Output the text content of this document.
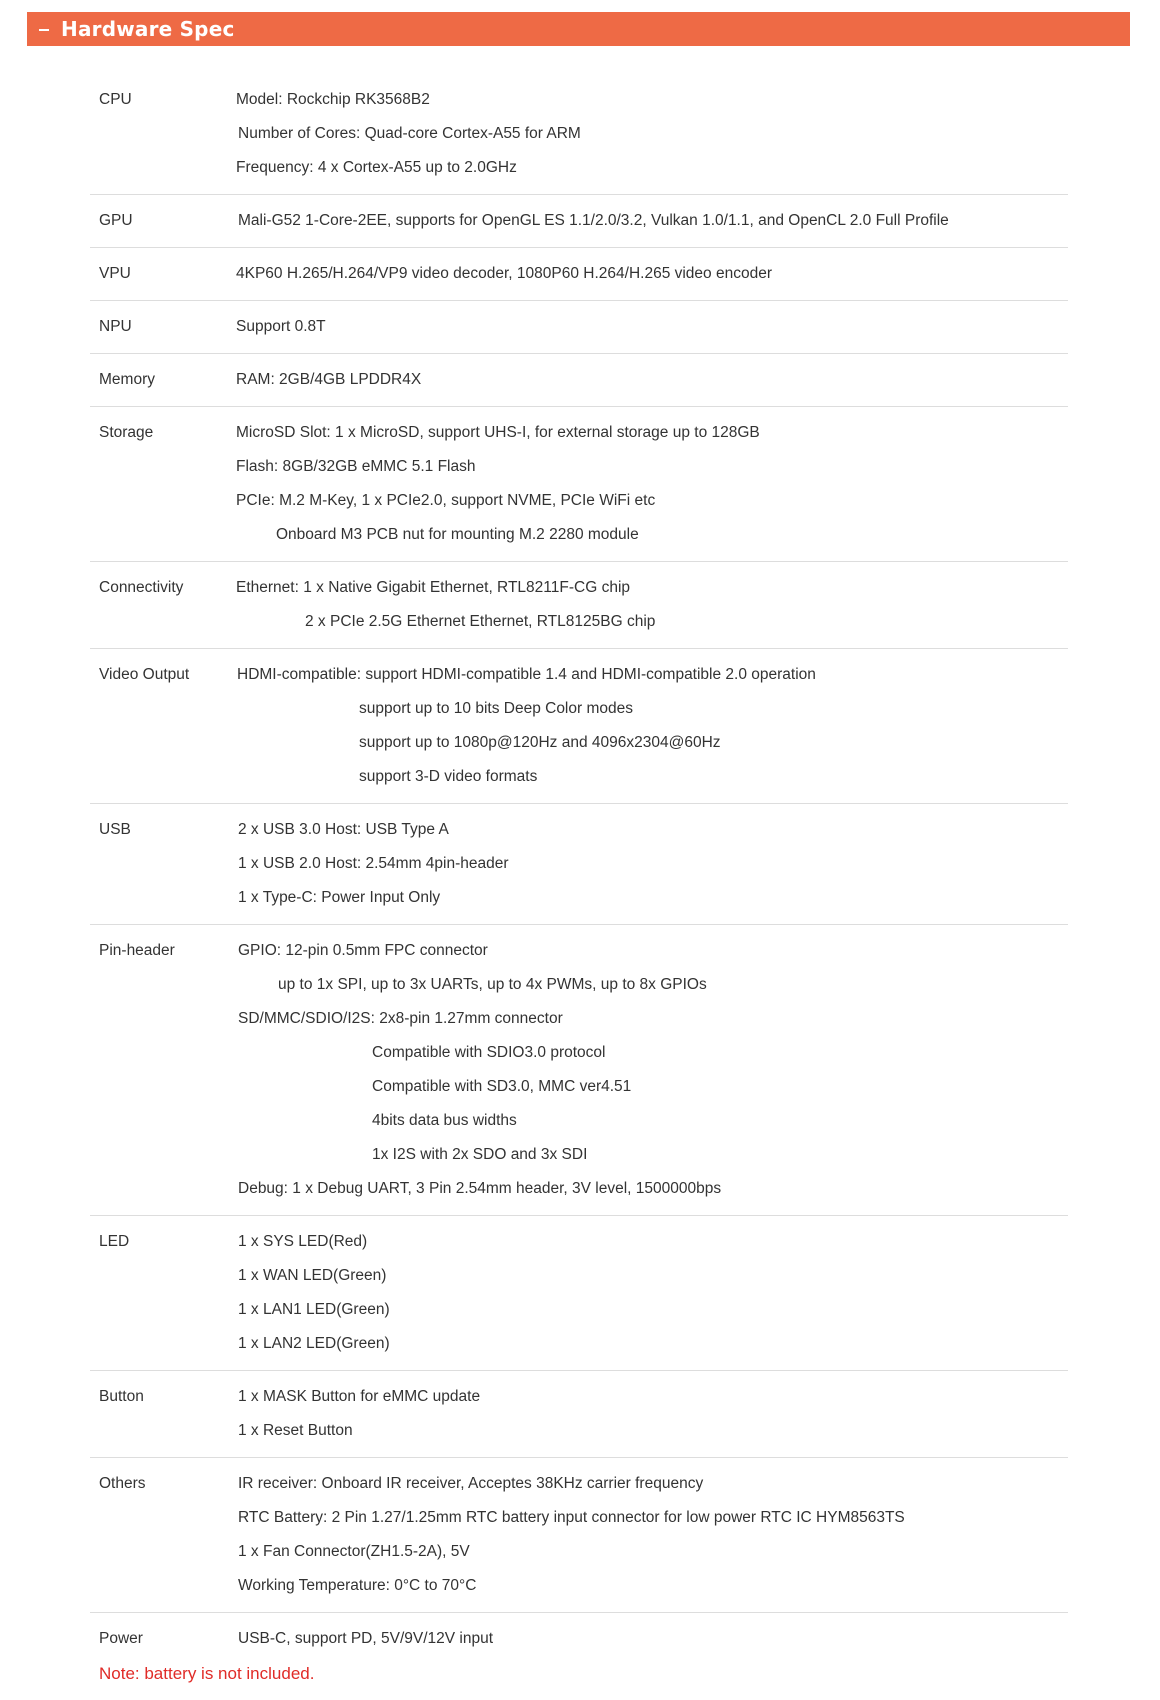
Hardware Spec
CPU	Model: Rockchip RK3568B2
Number of Cores: Quad-core Cortex-A55 for ARM
Frequency: 4 x Cortex-A55 up to 2.0GHz
GPU	Mali-G52 1-Core-2EE, supports for OpenGL ES 1.1/2.0/3.2, Vulkan 1.0/1.1, and OpenCL 2.0 Full Profile
VPU	4KP60 H.265/H.264/VP9 video decoder, 1080P60 H.264/H.265 video encoder
NPU	Support 0.8T
Memory	RAM: 2GB/4GB LPDDR4X
Storage	MicroSD Slot: 1 x MicroSD, support UHS-I, for external storage up to 128GB
Flash: 8GB/32GB eMMC 5.1 Flash
PCIe: M.2 M-Key, 1 x PCIe2.0, support NVME, PCIe WiFi etc
Onboard M3 PCB nut for mounting M.2 2280 module
Connectivity	Ethernet: 1 x Native Gigabit Ethernet, RTL8211F-CG chip
2 x PCIe 2.5G Ethernet Ethernet, RTL8125BG chip
Video Output	HDMI-compatible: support HDMI-compatible 1.4 and HDMI-compatible 2.0 operation
support up to 10 bits Deep Color modes
support up to 1080p@120Hz and 4096x2304@60Hz
support 3-D video formats
USB	2 x USB 3.0 Host: USB Type A
1 x USB 2.0 Host: 2.54mm 4pin-header
1 x Type-C: Power Input Only
Pin-header	GPIO: 12-pin 0.5mm FPC connector
up to 1x SPI, up to 3x UARTs, up to 4x PWMs, up to 8x GPIOs
SD/MMC/SDIO/I2S: 2x8-pin 1.27mm connector
Compatible with SDIO3.0 protocol
Compatible with SD3.0, MMC ver4.51
4bits data bus widths
1x I2S with 2x SDO and 3x SDI
Debug: 1 x Debug UART, 3 Pin 2.54mm header, 3V level, 1500000bps
LED	1 x SYS LED(Red)
1 x WAN LED(Green)
1 x LAN1 LED(Green)
1 x LAN2 LED(Green)
Button	1 x MASK Button for eMMC update
1 x Reset Button
Others	IR receiver: Onboard IR receiver, Acceptes 38KHz carrier frequency
RTC Battery: 2 Pin 1.27/1.25mm RTC battery input connector for low power RTC IC HYM8563TS
1 x Fan Connector(ZH1.5-2A), 5V
Working Temperature: 0°C to 70°C
Power	USB-C, support PD, 5V/9V/12V input
Note: battery is not included.
